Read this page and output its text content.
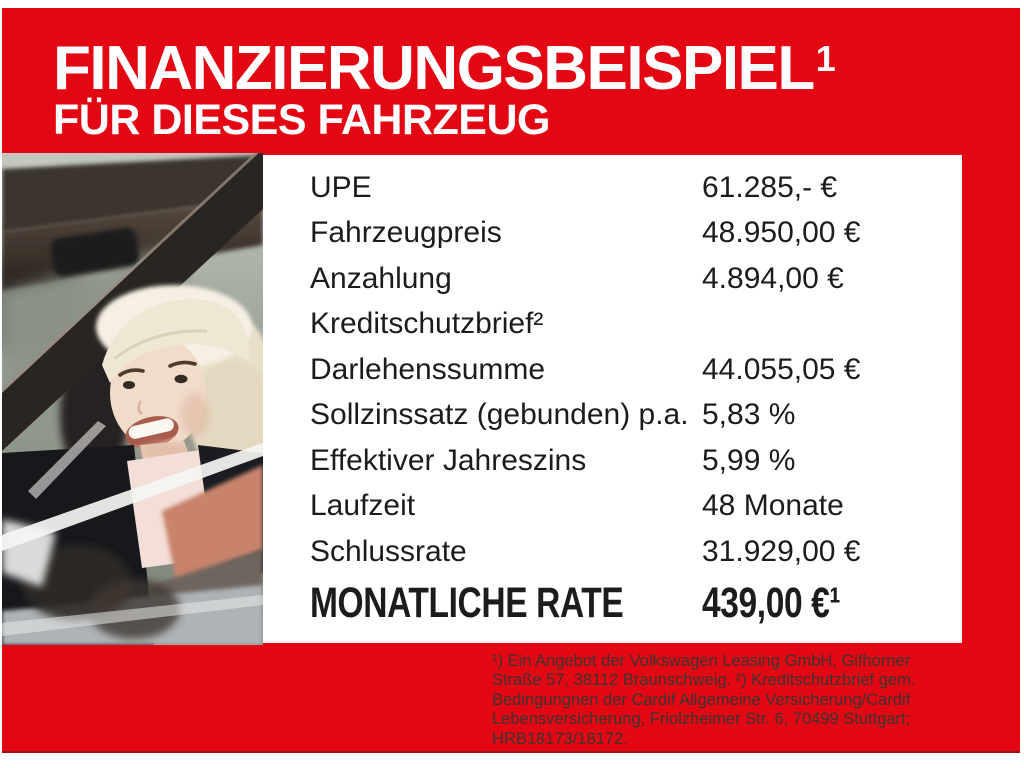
FINANZIERUNGSBEISPIEL$^1$
FÜR DIESES FAHRZEUG
UPE	61.285,- €
Fahrzeugpreis	48.950,00 €
Anzahlung	4.894,00 €
Kreditschutzbrief²
Darlehenssumme	44.055,05 €
Sollzinssatz (gebunden) p.a. 5,83 %
Effektiver Jahreszins	5,99 %
Laufzeit	48 Monate
Schlussrate	31.929,00 €
MONATLICHE RATE	439,00 €¹
¹) Ein Angebot der Volkswagen Leasing GmbH, Gifhorner Straße 57, 38112 Braunschweig. ²) Kreditschutzbrief gem. Bedingungnen der Cardif Allgemeine Versicherung/Cardif Lebensversicherung, Friolzheimer Str. 6, 70499 Stuttgart; HRB18173/18172.
